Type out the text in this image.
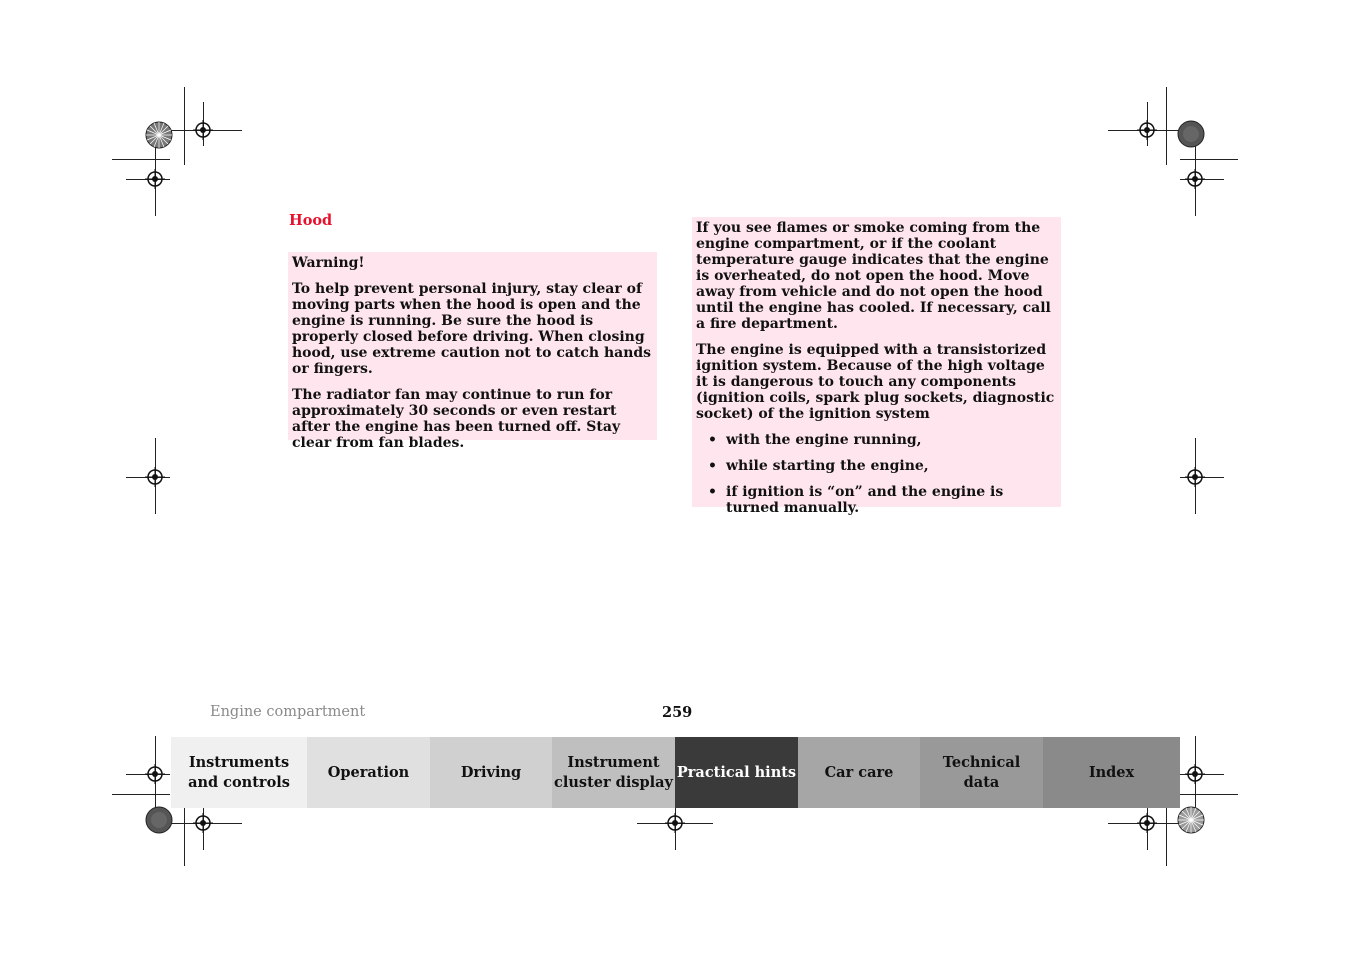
Hood

Warning!

To help prevent personal injury, stay clear of moving parts when the hood is open and the engine is running. Be sure the hood is properly closed before driving. When closing hood, use extreme caution not to catch hands or fingers.

The radiator fan may continue to run for approximately 30 seconds or even restart after the engine has been turned off. Stay clear from fan blades.

If you see flames or smoke coming from the engine compartment, or if the coolant temperature gauge indicates that the engine is overheated, do not open the hood. Move away from vehicle and do not open the hood until the engine has cooled. If necessary, call a fire department.

The engine is equipped with a transistorized ignition system. Because of the high voltage it is dangerous to touch any components (ignition coils, spark plug sockets, diagnostic socket) of the ignition system

• with the engine running,
• while starting the engine,
• if ignition is “on” and the engine is turned manually.
Engine compartment	259
Instruments
and controls
Operation	Driving
Instrument
cluster display
Practical hints Car care
Technical
data
Index
